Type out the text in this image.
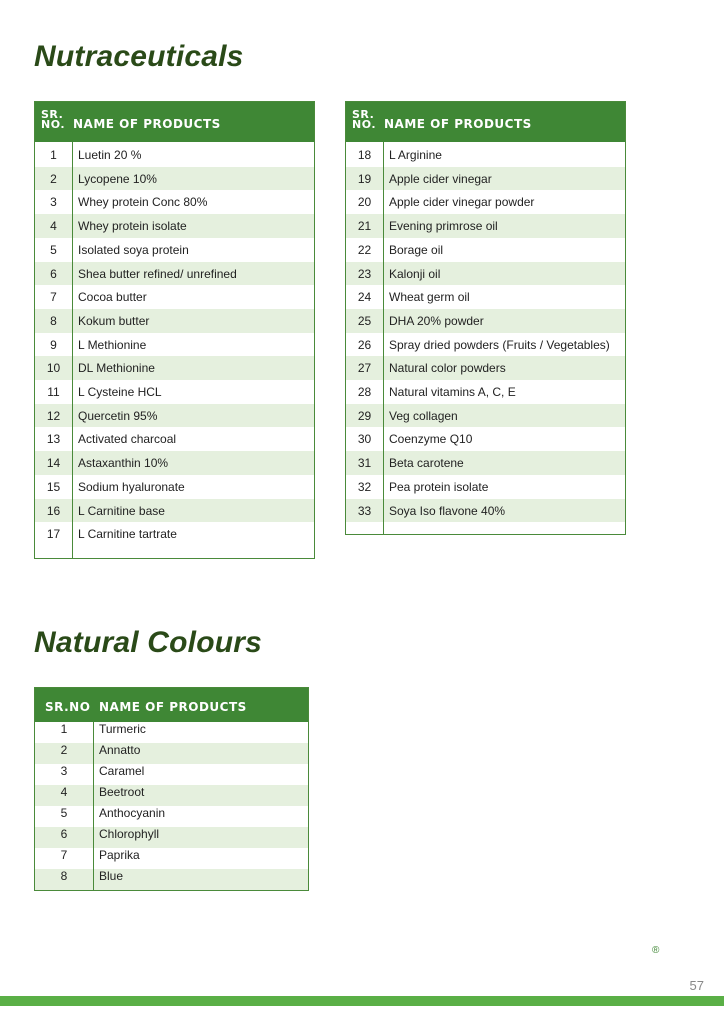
Nutraceuticals
SR. NO. NAME OF PRODUCTS
1	Luetin 20 %
2	Lycopene 10%
3	Whey protein Conc 80%
4	Whey protein isolate
5	Isolated soya protein
6	Shea butter refined/ unrefined
7	Cocoa butter
8	Kokum butter
9	L Methionine
10	DL Methionine
11	L Cysteine HCL
12	Quercetin 95%
13	Activated charcoal
14	Astaxanthin 10%
15	Sodium hyaluronate
16	L Carnitine base
17	L Carnitine tartrate
SR. NO. NAME OF PRODUCTS
18	L Arginine
19	Apple cider vinegar
20	Apple cider vinegar powder
21	Evening primrose oil
22	Borage oil
23	Kalonji oil
24	Wheat germ oil
25	DHA 20% powder
26	Spray dried powders (Fruits / Vegetables)
27	Natural color powders
28	Natural vitamins A, C, E
29	Veg collagen
30	Coenzyme Q10
31	Beta carotene
32	Pea protein isolate
33	Soya Iso flavone 40%
Natural Colours
SR.NO NAME OF PRODUCTS
1	Turmeric
2	Annatto
3	Caramel
4	Beetroot
5	Anthocyanin
6	Chlorophyll
7	Paprika
8	Blue
®
57
